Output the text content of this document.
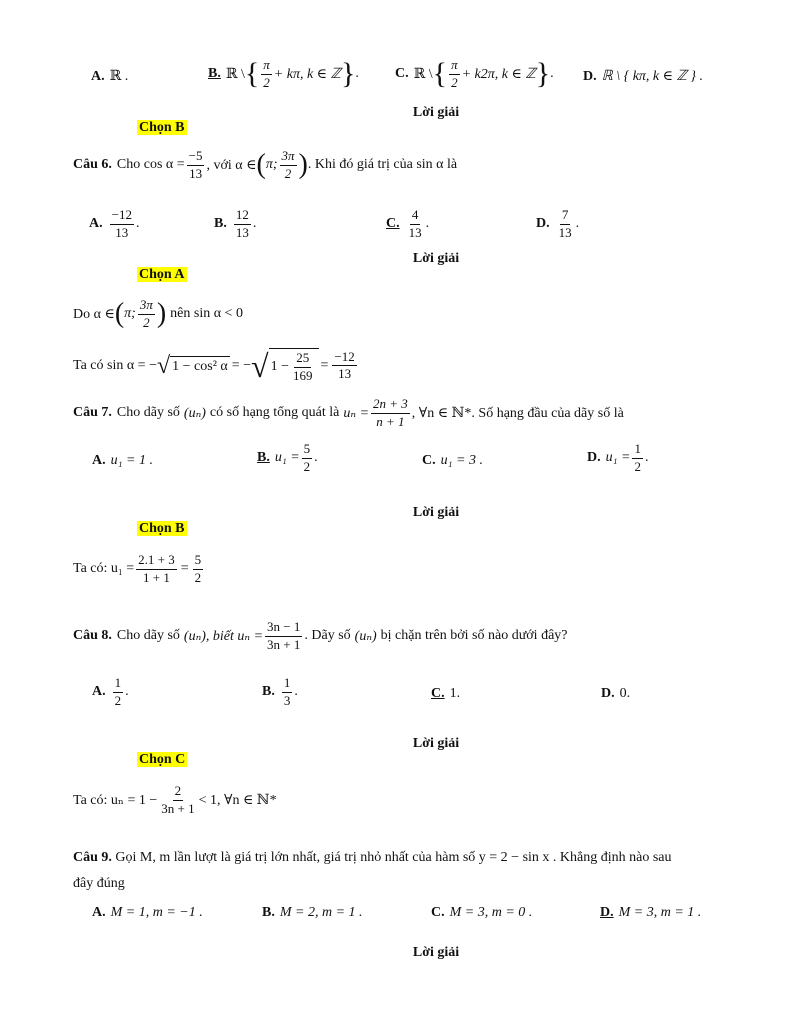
A. ℝ .	B. ℝ \ { $\frac{\pi}{2} + k\pi$, k ∈ ℤ } .	C. ℝ \ { $\frac{\pi}{2} + k2\pi$, k ∈ ℤ } . D. ℝ \ { kπ, k ∈ ℤ } .
Lời giải
Chọn B
Câu 6. Cho $\cos \alpha = \frac{-5}{13}$ , với α ∈ ( π; $\frac{3\pi}{2}$ ) . Khi đó giá trị của sin α là
A. $\frac{-12}{13}$ .	B. $\frac{12}{13}$ .	C. $\frac{4}{13}$ .	D. $\frac{7}{13}$ .
Lời giải
Chọn A
Do α ∈ ( π; $\frac{3\pi}{2}$ ) nên sin α < 0
Ta có sin α = − √ 1 − cos² α = − √ $1 - \frac{25}{169} = \frac{-12}{13}$
Câu 7. Cho dãy số (uₙ) có số hạng tổng quát là $u_n = \frac{2n + 3}{n + 1}$ , ∀n ∈ ℕ*. Số hạng đầu của dãy số là
A. u₁ = 1 .	B. $u_1 = \frac{5}{2}$ .	C. u₁ = 3 .	D. $u_1 = \frac{1}{2}$ .
Lời giải
Chọn B
Ta có: $u_1 = \frac{2.1 + 3}{1 + 1} = \frac{5}{2}$
Câu 8. Cho dãy số (uₙ) , biết $u_n = \frac{3n - 1}{3n + 1}$ . Dãy số (uₙ) bị chặn trên bởi số nào dưới đây?
A. $\frac{1}{2}$ .	B. $\frac{1}{3}$ .	C. 1.	D. 0.
Lời giải
Chọn C
Ta có: $u_n = 1 - \frac{2}{3n + 1} < 1$, ∀n ∈ ℕ*
Câu 9. Gọi M, m lần lượt là giá trị lớn nhất, giá trị nhỏ nhất của hàm số y = 2 − sin x . Khẳng định nào sau
đây đúng
A. M = 1, m = −1 .	B. M = 2, m = 1 .	C. M = 3, m = 0 .	D. M = 3, m = 1 .
Lời giải
